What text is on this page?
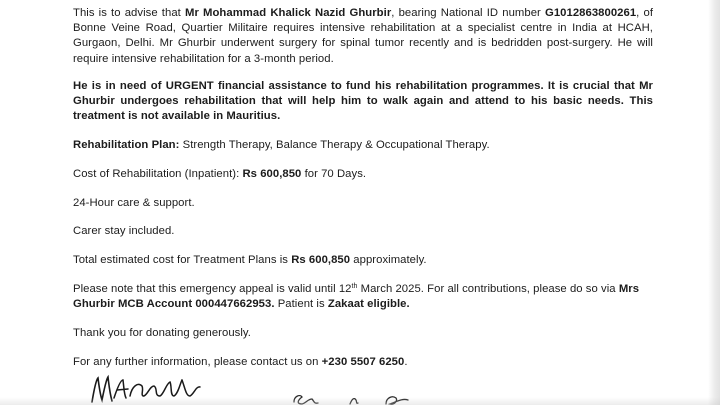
This is to advise that Mr Mohammad Khalick Nazid Ghurbir, bearing National ID number G1012863800261, of Bonne Veine Road, Quartier Militaire requires intensive rehabilitation at a specialist centre in India at HCAH, Gurgaon, Delhi. Mr Ghurbir underwent surgery for spinal tumor recently and is bedridden post-surgery. He will require intensive rehabilitation for a 3-month period.

He is in need of URGENT financial assistance to fund his rehabilitation programmes. It is crucial that Mr Ghurbir undergoes rehabilitation that will help him to walk again and attend to his basic needs. This treatment is not available in Mauritius.

Rehabilitation Plan: Strength Therapy, Balance Therapy & Occupational Therapy.

Cost of Rehabilitation (Inpatient): Rs 600,850 for 70 Days.

24-Hour care & support.

Carer stay included.

Total estimated cost for Treatment Plans is Rs 600,850 approximately.

Please note that this emergency appeal is valid until 12th March 2025. For all contributions, please do so via Mrs Ghurbir MCB Account 000447662953. Patient is Zakaat eligible.

Thank you for donating generously.

For any further information, please contact us on +230 5507 6250.
